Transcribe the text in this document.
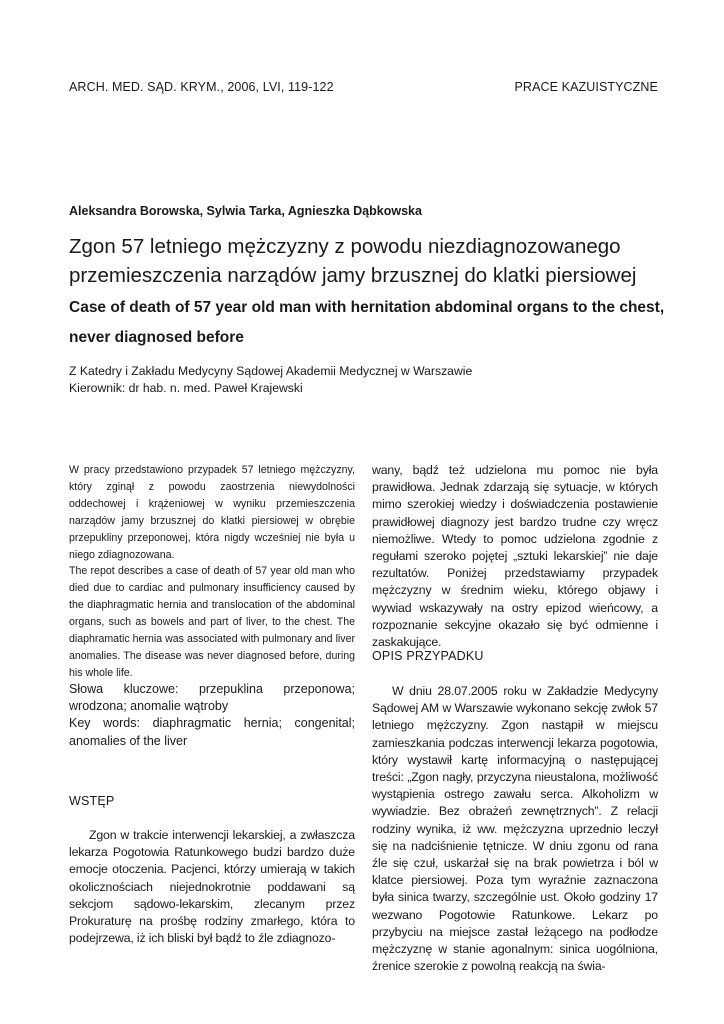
ARCH. MED. SĄD. KRYM., 2006, LVI, 119-122	PRACE KAZUISTYCZNE
Aleksandra Borowska, Sylwia Tarka, Agnieszka Dąbkowska
Zgon 57 letniego mężczyzny z powodu niezdiagnozowanego przemieszczenia narządów jamy brzusznej do klatki piersiowej
Case of death of 57 year old man with hernitation abdominal organs to the chest, never diagnosed before
Z Katedry i Zakładu Medycyny Sądowej Akademii Medycznej w Warszawie
Kierownik: dr hab. n. med. Paweł Krajewski

W pracy przedstawiono przypadek 57 letniego mężczyzny, który zginął z powodu zaostrzenia niewydolności oddechowej i krążeniowej w wyniku przemieszczenia narządów jamy brzusznej do klatki piersiowej w obrębie przepukliny przeponowej, która nigdy wcześniej nie była u niego zdiagnozowana.

The repot describes a case of death of 57 year old man who died due to cardiac and pulmonary insufficiency caused by the diaphragmatic hernia and translocation of the abdominal organs, such as bowels and part of liver, to the chest. The diaphramatic hernia was associated with pulmonary and liver anomalies. The disease was never diagnosed before, during his whole life.

Słowa kluczowe: przepuklina przeponowa; wrodzona; anomalie wątroby

Key words: diaphragmatic hernia; congenital; anomalies of the liver

WSTĘP

Zgon w trakcie interwencji lekarskiej, a zwłaszcza lekarza Pogotowia Ratunkowego budzi bardzo duże emocje otoczenia. Pacjenci, którzy umierają w takich okolicznościach niejednokrotnie poddawani są sekcjom sądowo-lekarskim, zlecanym przez Prokuraturę na prośbę rodziny zmarłego, która to podejrzewa, iż ich bliski był bądź to źle zdiagnozo-

wany, bądź też udzielona mu pomoc nie była prawidłowa. Jednak zdarzają się sytuacje, w których mimo szerokiej wiedzy i doświadczenia postawienie prawidłowej diagnozy jest bardzo trudne czy wręcz niemożliwe. Wtedy to pomoc udzielona zgodnie z regułami szeroko pojętej „sztuki lekarskiej” nie daje rezultatów. Poniżej przedstawiamy przypadek mężczyzny w średnim wieku, którego objawy i wywiad wskazywały na ostry epizod wieńcowy, a rozpoznanie sekcyjne okazało się być odmienne i zaskakujące.

OPIS PRZYPADKU

W dniu 28.07.2005 roku w Zakładzie Medycyny Sądowej AM w Warszawie wykonano sekcję zwłok 57 letniego mężczyzny. Zgon nastąpił w miejscu zamieszkania podczas interwencji lekarza pogotowia, który wystawił kartę informacyjną o następującej treści: „Zgon nagły, przyczyna nieustalona, możliwość wystąpienia ostrego zawału serca. Alkoholizm w wywiadzie. Bez obrażeń zewnętrznych”. Z relacji rodziny wynika, iż ww. mężczyzna uprzednio leczył się na nadciśnienie tętnicze. W dniu zgonu od rana źle się czuł, uskarżał się na brak powietrza i ból w klatce piersiowej. Poza tym wyraźnie zaznaczona była sinica twarzy, szczególnie ust. Około godziny 17 wezwano Pogotowie Ratunkowe. Lekarz po przybyciu na miejsce zastał leżącego na podłodze mężczyznę w stanie agonalnym: sinica uogólniona, źrenice szerokie z powolną reakcją na świa-
